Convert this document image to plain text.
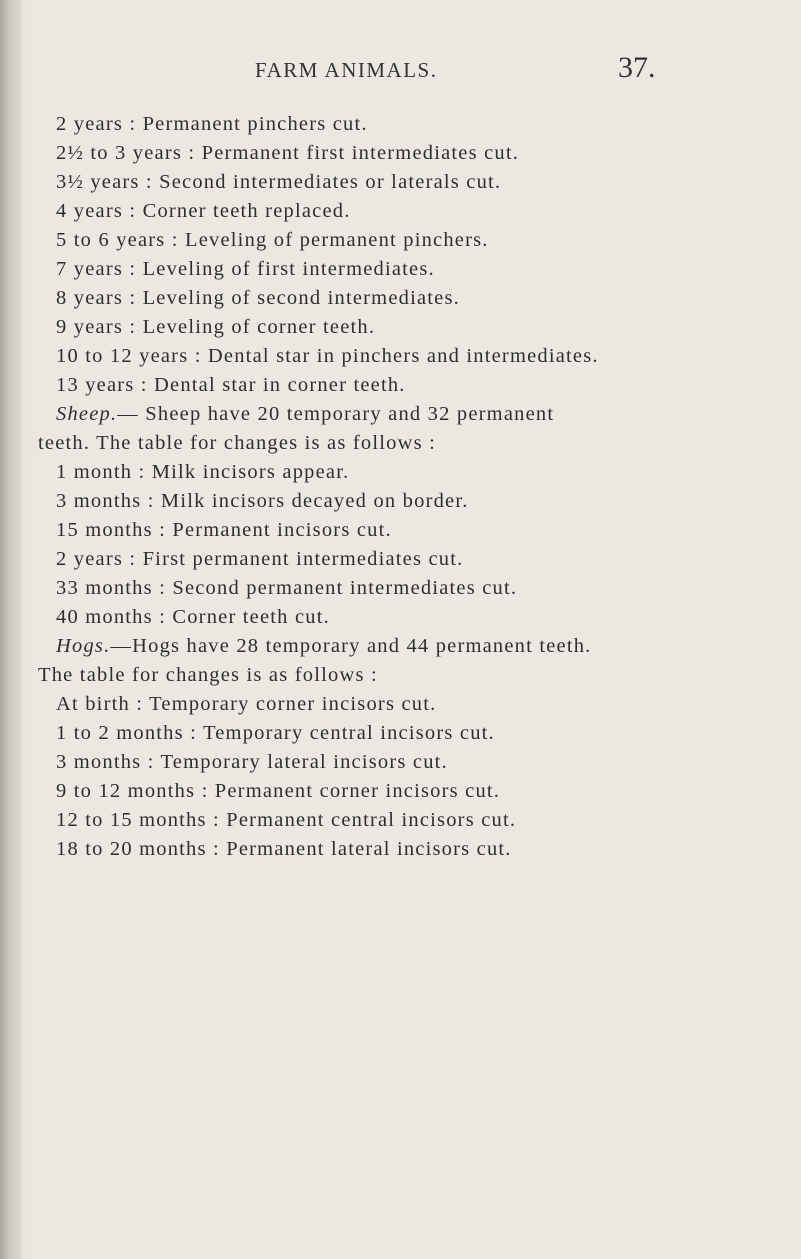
FARM ANIMALS.	37.
2 years : Permanent pinchers cut.
2½ to 3 years : Permanent first intermediates cut.
3½ years : Second intermediates or laterals cut.
4 years : Corner teeth replaced.
5 to 6 years : Leveling of permanent pinchers.
7 years : Leveling of first intermediates.
8 years : Leveling of second intermediates.
9 years : Leveling of corner teeth.
10 to 12 years : Dental star in pinchers and intermediates.
13 years : Dental star in corner teeth.
Sheep.— Sheep have 20 temporary and 32 permanent
teeth. The table for changes is as follows :
1 month : Milk incisors appear.
3 months : Milk incisors decayed on border.
15 months : Permanent incisors cut.
2 years : First permanent intermediates cut.
33 months : Second permanent intermediates cut.
40 months : Corner teeth cut.
Hogs.—Hogs have 28 temporary and 44 permanent teeth.
The table for changes is as follows :
At birth : Temporary corner incisors cut.
1 to 2 months : Temporary central incisors cut.
3 months : Temporary lateral incisors cut.
9 to 12 months : Permanent corner incisors cut.
12 to 15 months : Permanent central incisors cut.
18 to 20 months : Permanent lateral incisors cut.
